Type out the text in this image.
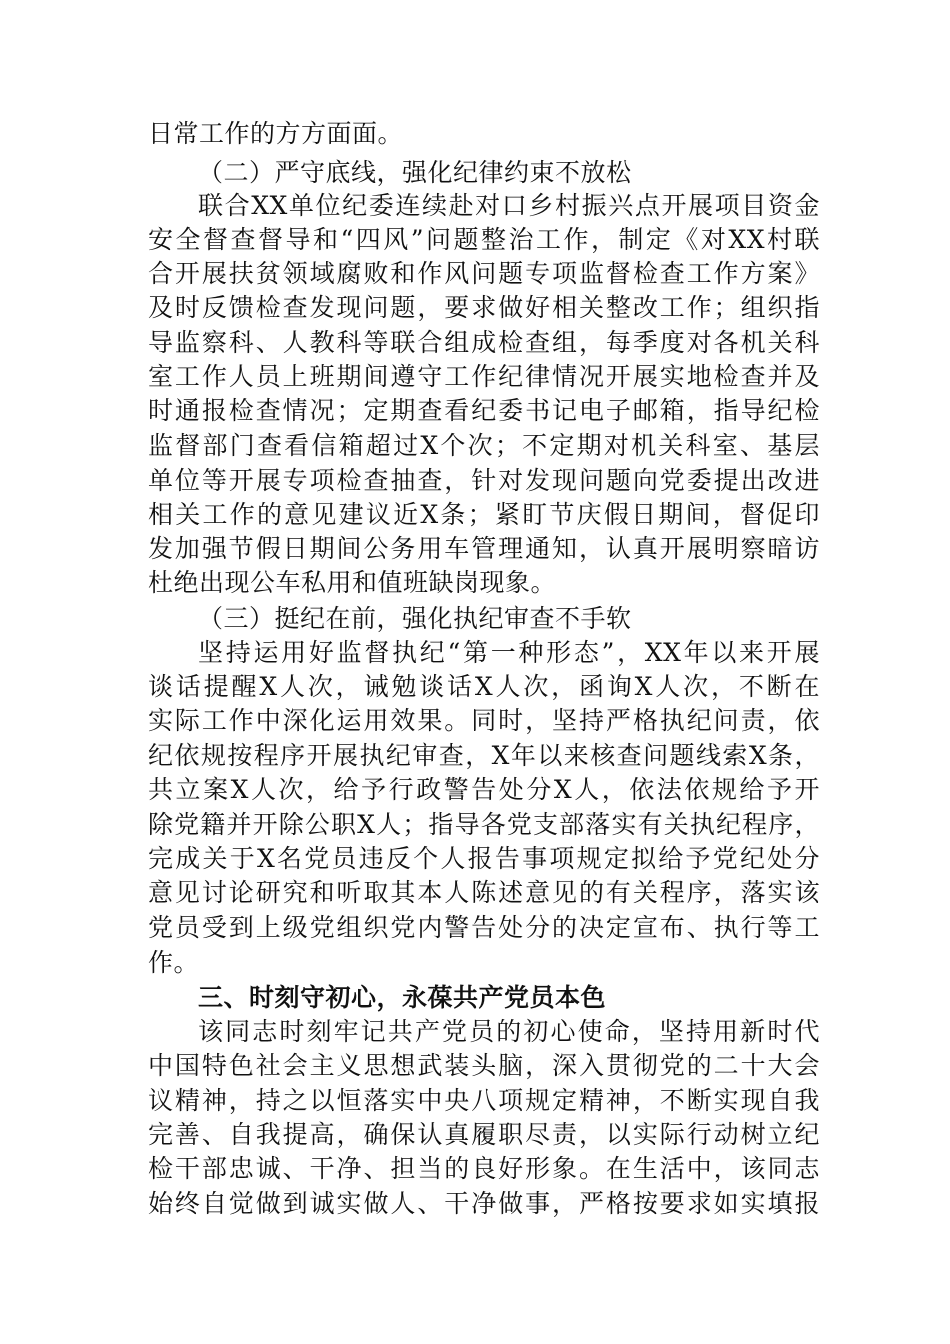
日常工作的方方面面。
（二）严守底线，强化纪律约束不放松
联合XX单位纪委连续赴对口乡村振兴点开展项目资金
安全督查督导和“四风”问题整治工作，制定《对XX村联
合开展扶贫领域腐败和作风问题专项监督检查工作方案》
及时反馈检查发现问题，要求做好相关整改工作；组织指
导监察科、人教科等联合组成检查组，每季度对各机关科
室工作人员上班期间遵守工作纪律情况开展实地检查并及
时通报检查情况；定期查看纪委书记电子邮箱，指导纪检
监督部门查看信箱超过X个次；不定期对机关科室、基层
单位等开展专项检查抽查，针对发现问题向党委提出改进
相关工作的意见建议近X条；紧盯节庆假日期间，督促印
发加强节假日期间公务用车管理通知，认真开展明察暗访
杜绝出现公车私用和值班缺岗现象。
（三）挺纪在前，强化执纪审查不手软
坚持运用好监督执纪“第一种形态”，XX年以来开展
谈话提醒X人次，诫勉谈话X人次，函询X人次，不断在
实际工作中深化运用效果。同时，坚持严格执纪问责，依
纪依规按程序开展执纪审查，X年以来核查问题线索X条，
共立案X人次，给予行政警告处分X人，依法依规给予开
除党籍并开除公职X人；指导各党支部落实有关执纪程序，
完成关于X名党员违反个人报告事项规定拟给予党纪处分
意见讨论研究和听取其本人陈述意见的有关程序，落实该
党员受到上级党组织党内警告处分的决定宣布、执行等工
作。
三、时刻守初心，永葆共产党员本色
该同志时刻牢记共产党员的初心使命，坚持用新时代
中国特色社会主义思想武装头脑，深入贯彻党的二十大会
议精神，持之以恒落实中央八项规定精神，不断实现自我
完善、自我提高，确保认真履职尽责，以实际行动树立纪
检干部忠诚、干净、担当的良好形象。在生活中，该同志
始终自觉做到诚实做人、干净做事，严格按要求如实填报
